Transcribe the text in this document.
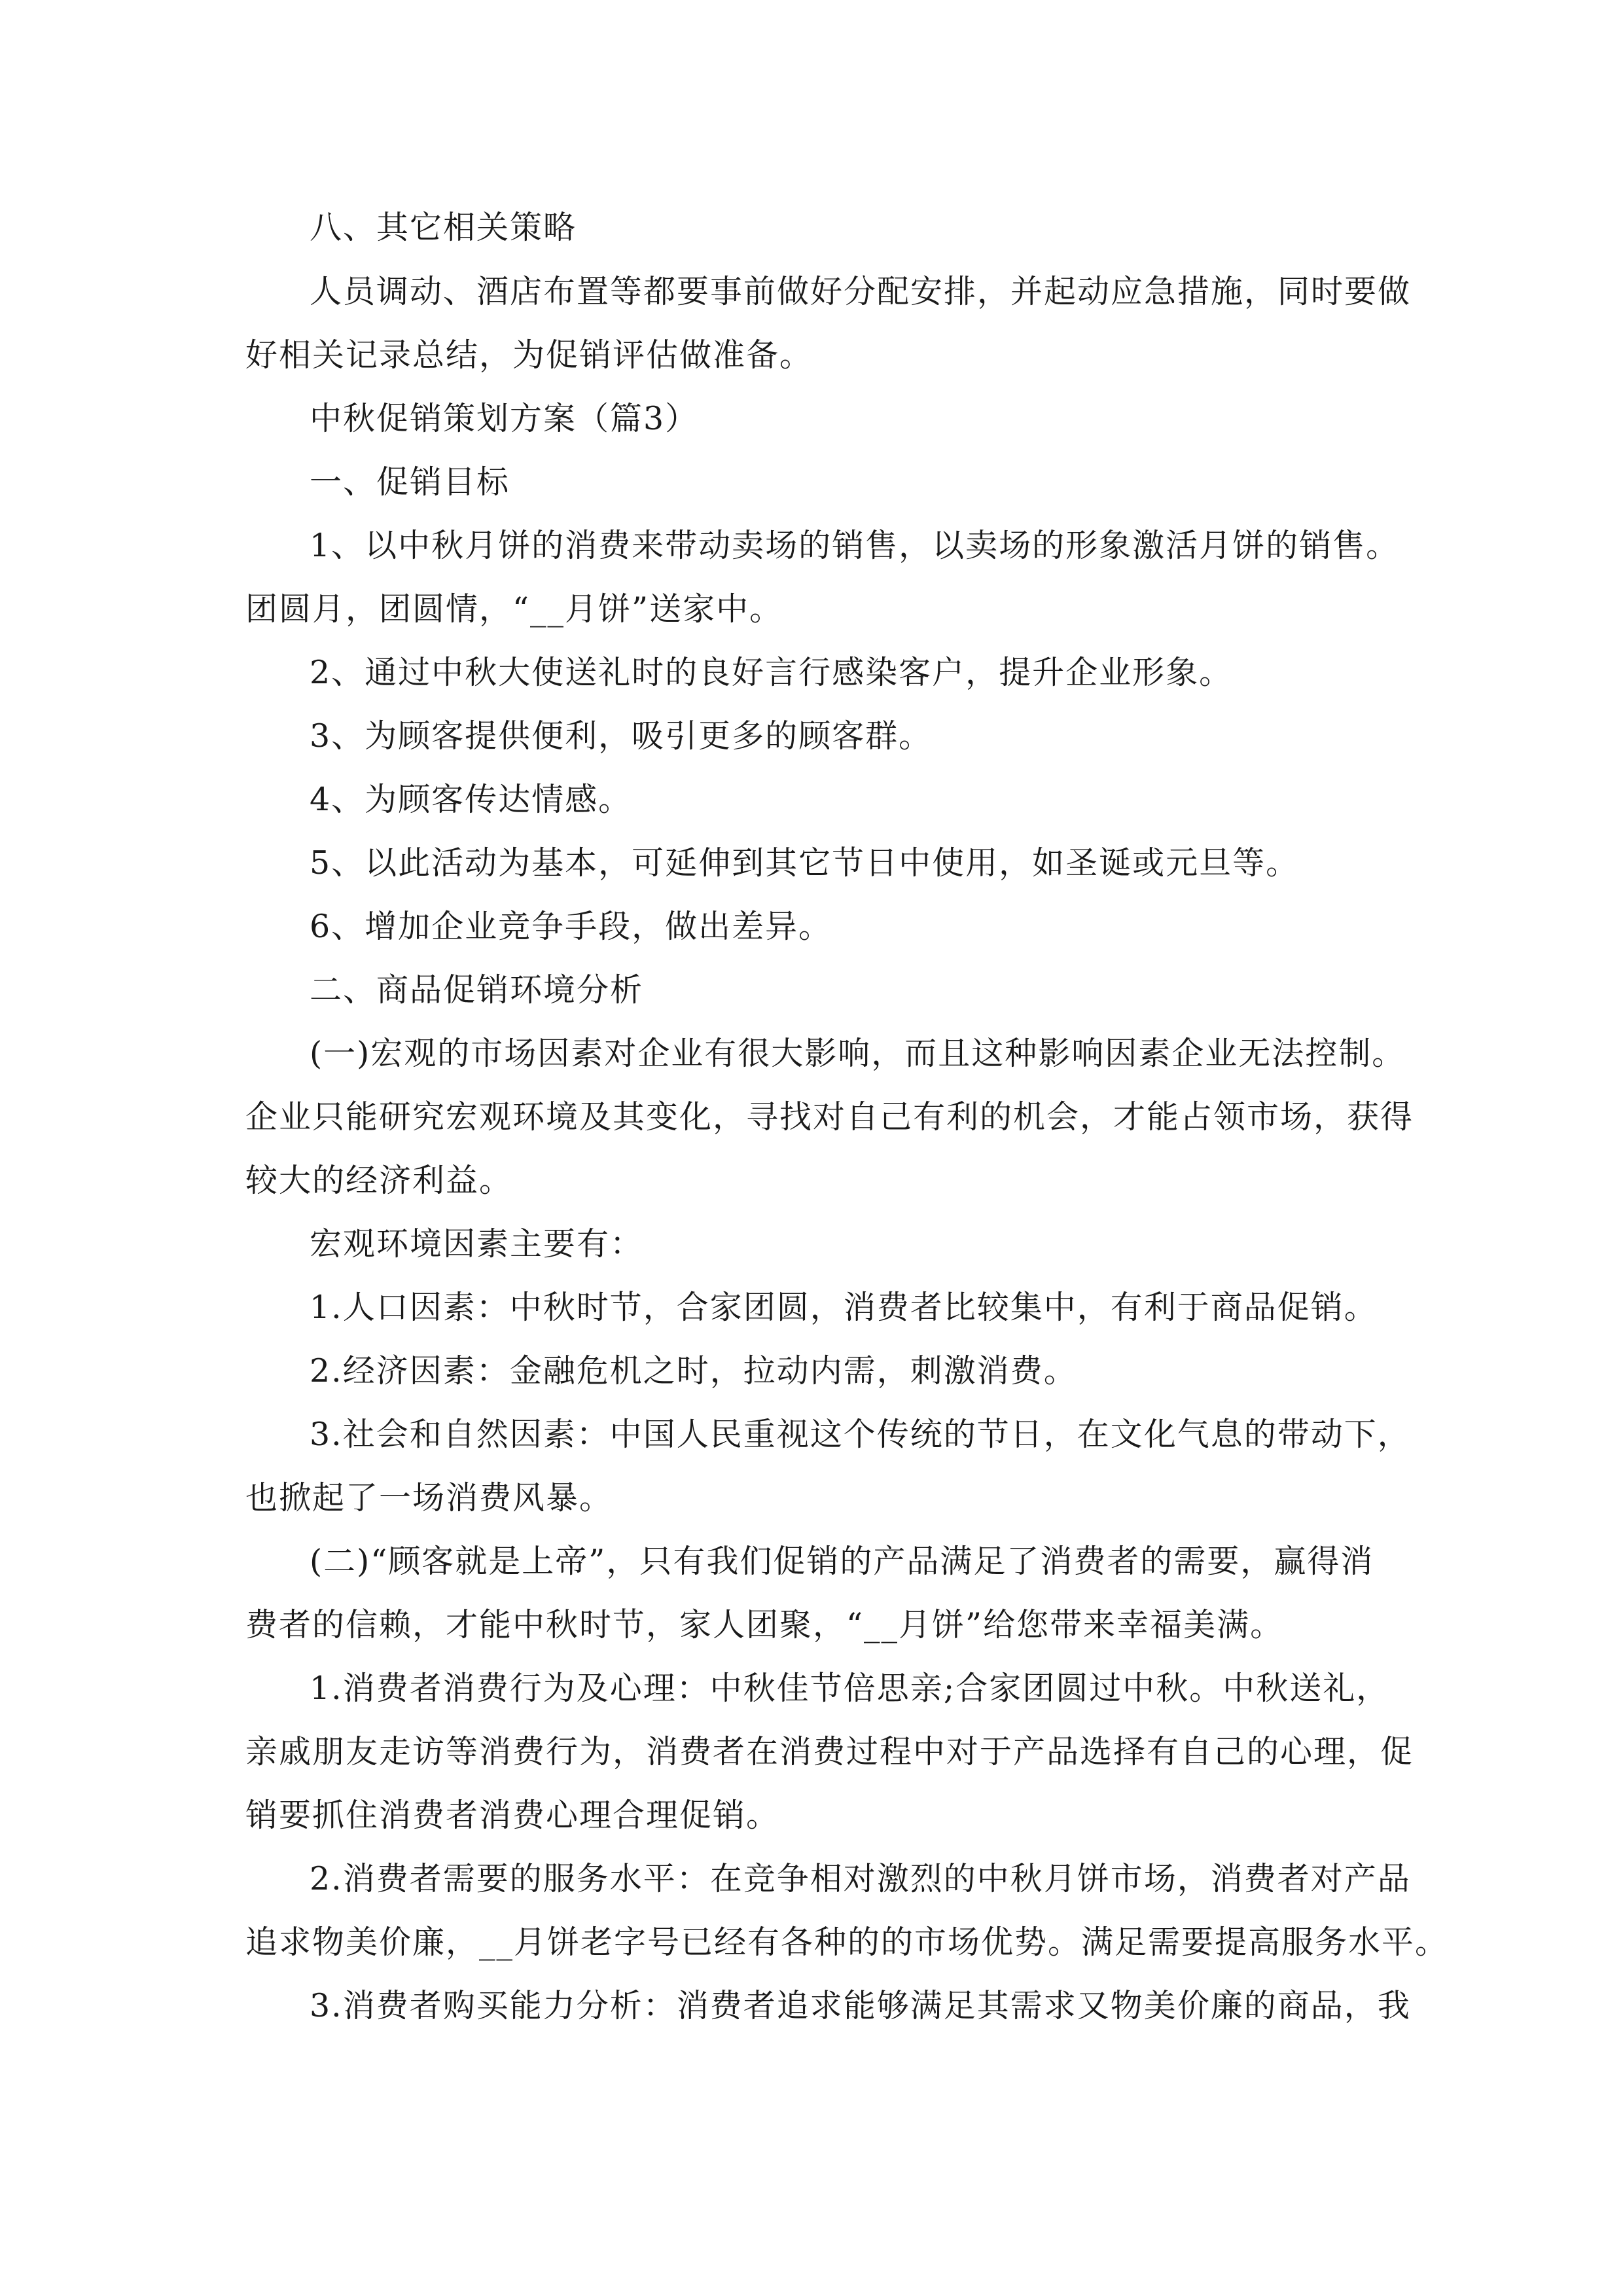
八、其它相关策略
人员调动、酒店布置等都要事前做好分配安排，并起动应急措施，同时要做
好相关记录总结，为促销评估做准备。
中秋促销策划方案（篇3）
一、促销目标
1、以中秋月饼的消费来带动卖场的销售，以卖场的形象激活月饼的销售。
团圆月，团圆情，“__月饼”送家中。
2、通过中秋大使送礼时的良好言行感染客户，提升企业形象。
3、为顾客提供便利，吸引更多的顾客群。
4、为顾客传达情感。
5、以此活动为基本，可延伸到其它节日中使用，如圣诞或元旦等。
6、增加企业竞争手段，做出差异。
二、商品促销环境分析
(一)宏观的市场因素对企业有很大影响，而且这种影响因素企业无法控制。
企业只能研究宏观环境及其变化，寻找对自己有利的机会，才能占领市场，获得
较大的经济利益。
宏观环境因素主要有：
1.人口因素：中秋时节，合家团圆，消费者比较集中，有利于商品促销。
2.经济因素：金融危机之时，拉动内需，刺激消费。
3.社会和自然因素：中国人民重视这个传统的节日，在文化气息的带动下，
也掀起了一场消费风暴。
(二)“顾客就是上帝”，只有我们促销的产品满足了消费者的需要，赢得消
费者的信赖，才能中秋时节，家人团聚，“__月饼”给您带来幸福美满。
1.消费者消费行为及心理：中秋佳节倍思亲;合家团圆过中秋。中秋送礼，
亲戚朋友走访等消费行为，消费者在消费过程中对于产品选择有自己的心理，促
销要抓住消费者消费心理合理促销。
2.消费者需要的服务水平：在竞争相对激烈的中秋月饼市场，消费者对产品
追求物美价廉，__月饼老字号已经有各种的的市场优势。满足需要提高服务水平。
3.消费者购买能力分析：消费者追求能够满足其需求又物美价廉的商品，我
